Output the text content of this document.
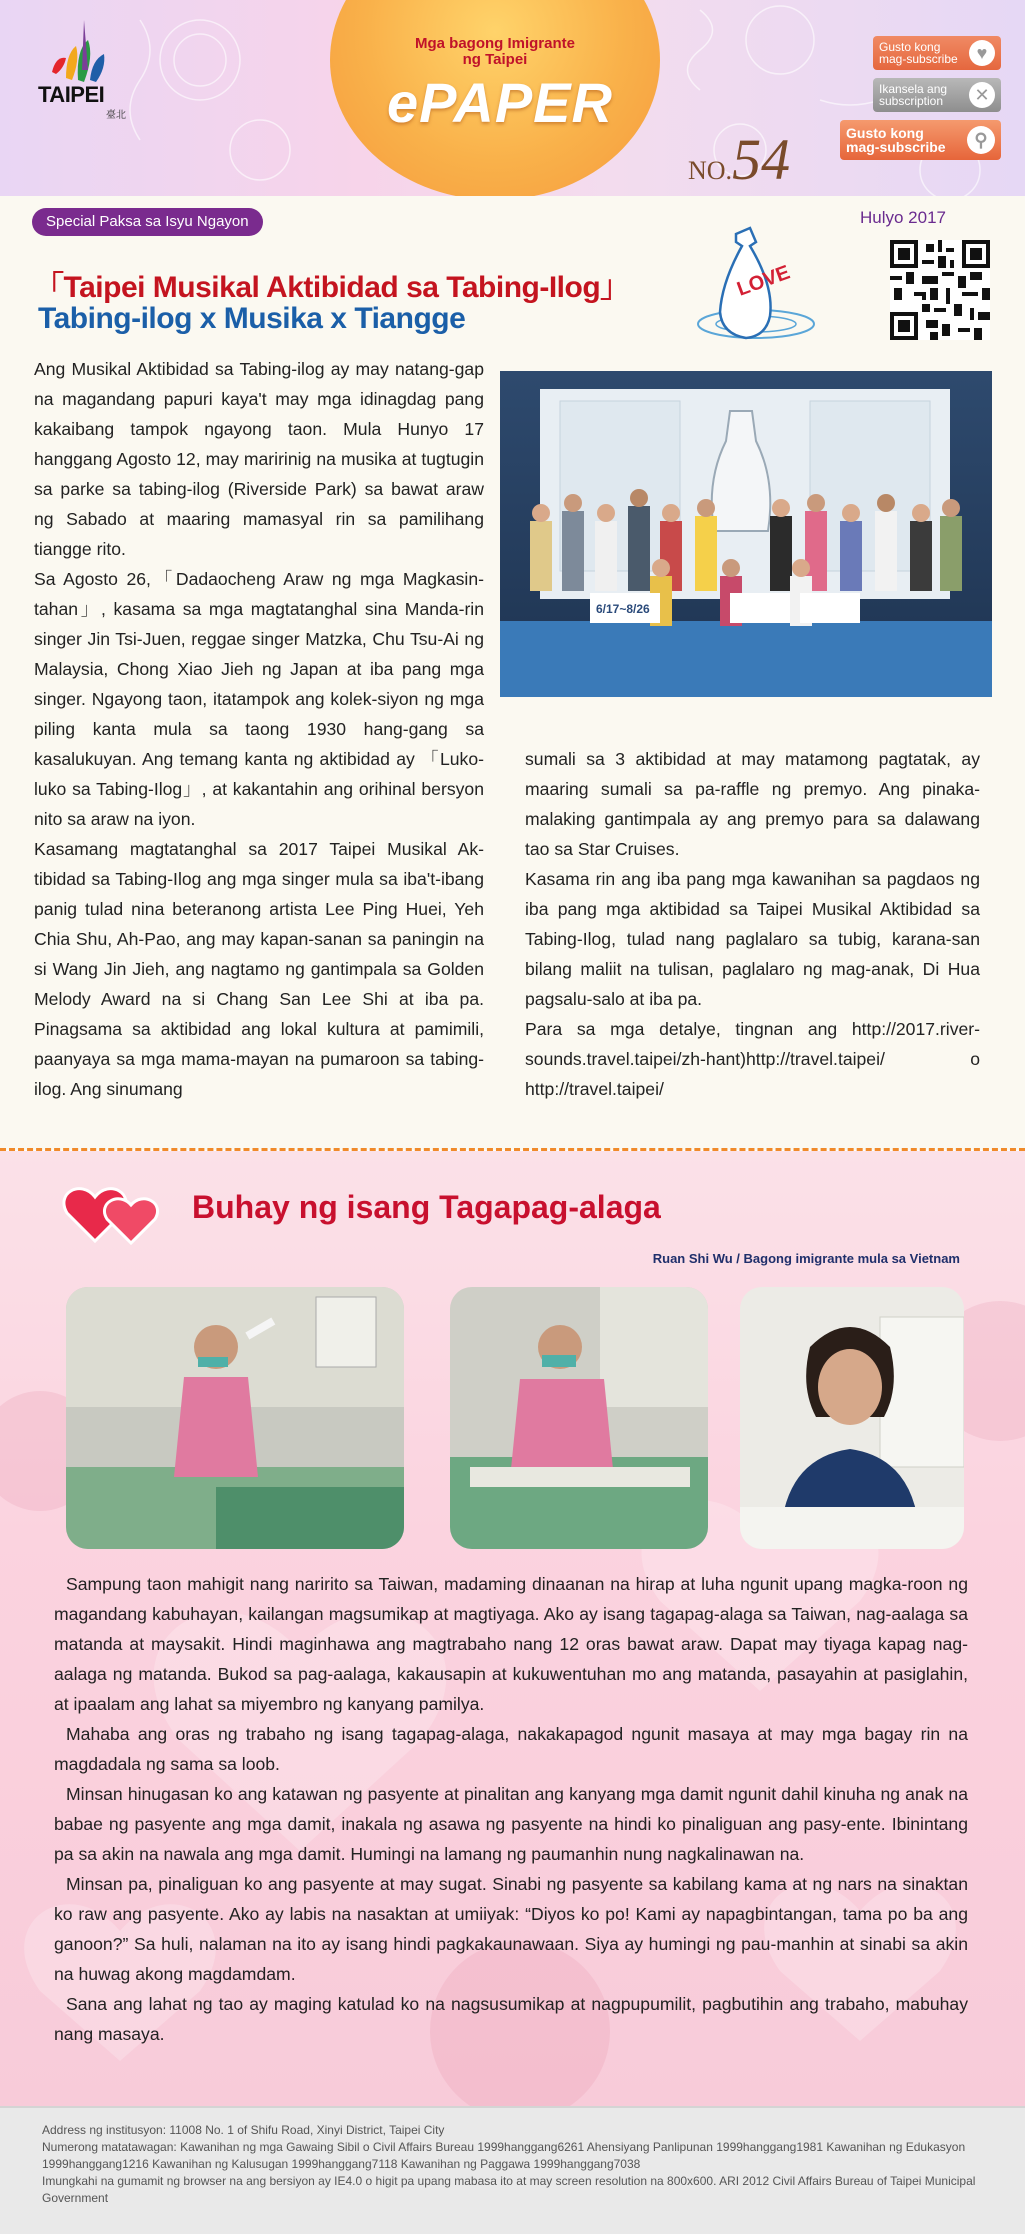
TAIPEI
臺北
Mga bagong Imigrante
ng Taipei
ePAPER
NO.54
Gusto kong mag-subscribe	♥
Ikansela ang subscription	✕
Gusto kong mag-subscribe	⚲
Special Paksa sa Isyu Ngayon	Hulyo 2017
LOVE
「Taipei Musikal Aktibidad sa Tabing-Ilog」
Tabing-ilog x Musika x Tiangge

Ang Musikal Aktibidad sa Tabing-ilog ay may natang-gap na magandang papuri kaya't may mga idinagdag pang kakaibang tampok ngayong taon. Mula Hunyo 17 hanggang Agosto 12, may maririnig na musika at tugtugin sa parke sa tabing-ilog (Riverside Park) sa bawat araw ng Sabado at maaring mamasyal rin sa pamilihang tiangge rito.

Sa Agosto 26,「Dadaocheng Araw ng mga Magkasin-tahan」, kasama sa mga magtatanghal sina Manda-rin singer Jin Tsi-Juen, reggae singer Matzka, Chu Tsu-Ai ng Malaysia, Chong Xiao Jieh ng Japan at iba pang mga singer. Ngayong taon, itatampok ang kolek-siyon ng mga piling kanta mula sa taong 1930 hang-gang sa kasalukuyan. Ang temang kanta ng aktibidad ay 「Luko-luko sa Tabing-Ilog」, at kakantahin ang orihinal bersyon nito sa araw na iyon.

Kasamang magtatanghal sa 2017 Taipei Musikal Ak-tibidad sa Tabing-Ilog ang mga singer mula sa iba't-ibang panig tulad nina beteranong artista Lee Ping Huei, Yeh Chia Shu, Ah-Pao, ang may kapan-sanan sa paningin na si Wang Jin Jieh, ang nagtamo ng gantimpala sa Golden Melody Award na si Chang San Lee Shi at iba pa. Pinagsama sa aktibidad ang lokal kultura at pamimili, paanyaya sa mga mama-mayan na pumaroon sa tabing-ilog. Ang sinumang

6/17~8/26

sumali sa 3 aktibidad at may matamong pagtatak, ay maaring sumali sa pa-raffle ng premyo. Ang pinaka-malaking gantimpala ay ang premyo para sa dalawang tao sa Star Cruises.

Kasama rin ang iba pang mga kawanihan sa pagdaos ng iba pang mga aktibidad sa Taipei Musikal Aktibidad sa Tabing-Ilog, tulad nang paglalaro sa tubig, karana-san bilang maliit na tulisan, paglalaro ng mag-anak, Di Hua pagsalu-salo at iba pa.

Para sa mga detalye, tingnan ang http://2017.river-sounds.travel.taipei/zh-hant)http://travel.taipei/ o http://travel.taipei/

Buhay ng isang Tagapag-alaga
Ruan Shi Wu / Bagong imigrante mula sa Vietnam

Sampung taon mahigit nang naririto sa Taiwan, madaming dinaanan na hirap at luha ngunit upang magka-roon ng magandang kabuhayan, kailangan magsumikap at magtiyaga. Ako ay isang tagapag-alaga sa Taiwan, nag-aalaga sa matanda at maysakit. Hindi maginhawa ang magtrabaho nang 12 oras bawat araw. Dapat may tiyaga kapag nag-aalaga ng matanda. Bukod sa pag-aalaga, kakausapin at kukuwentuhan mo ang matanda, pasayahin at pasiglahin, at ipaalam ang lahat sa miyembro ng kanyang pamilya.

Mahaba ang oras ng trabaho ng isang tagapag-alaga, nakakapagod ngunit masaya at may mga bagay rin na magdadala ng sama sa loob.

Minsan hinugasan ko ang katawan ng pasyente at pinalitan ang kanyang mga damit ngunit dahil kinuha ng anak na babae ng pasyente ang mga damit, inakala ng asawa ng pasyente na hindi ko pinaliguan ang pasy-ente. Ibinintang pa sa akin na nawala ang mga damit. Humingi na lamang ng paumanhin nung nagkalinawan na.

Minsan pa, pinaliguan ko ang pasyente at may sugat. Sinabi ng pasyente sa kabilang kama at ng nars na sinaktan ko raw ang pasyente. Ako ay labis na nasaktan at umiiyak: “Diyos ko po! Kami ay napagbintangan, tama po ba ang ganoon?” Sa huli, nalaman na ito ay isang hindi pagkakaunawaan. Siya ay humingi ng pau-manhin at sinabi sa akin na huwag akong magdamdam.

Sana ang lahat ng tao ay maging katulad ko na nagsusumikap at nagpupumilit, pagbutihin ang trabaho, mabuhay nang masaya.

Address ng institusyon: 11008 No. 1 of Shifu Road, Xinyi District, Taipei City
Numerong matatawagan: Kawanihan ng mga Gawaing Sibil o Civil Affairs Bureau 1999hanggang6261 Ahensiyang Panlipunan 1999hanggang1981 Kawanihan ng Edukasyon 1999hanggang1216 Kawanihan ng Kalusugan 1999hanggang7118 Kawanihan ng Paggawa 1999hanggang7038
Imungkahi na gumamit ng browser na ang bersiyon ay IE4.0 o higit pa upang mabasa ito at may screen resolution na 800x600. ARI 2012 Civil Affairs Bureau of Taipei Municipal Government
